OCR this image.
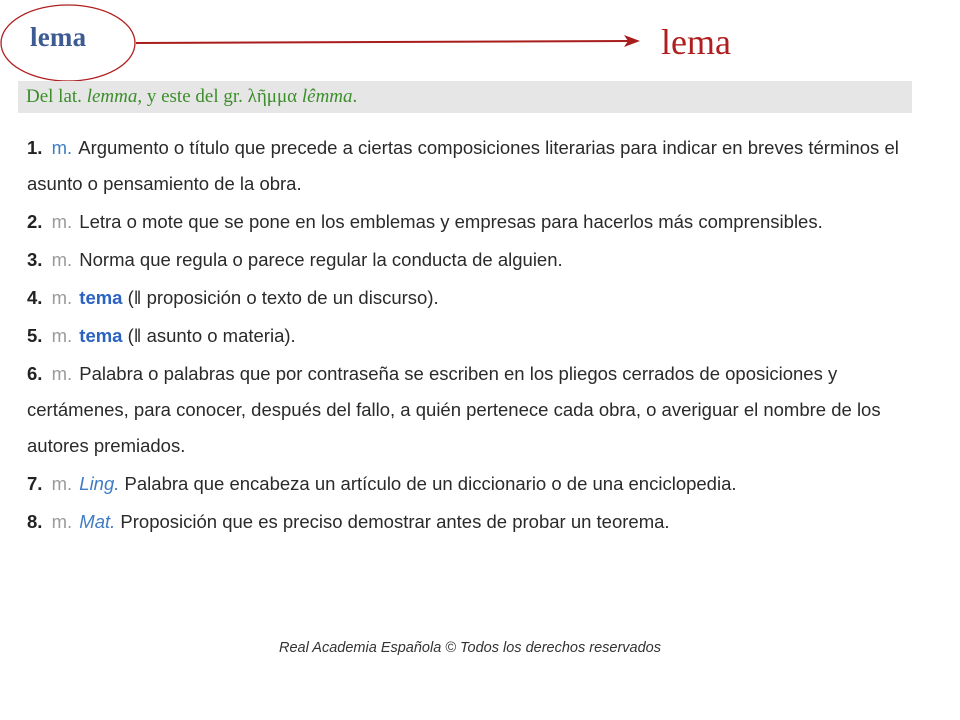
lema	lema
Del lat. lemma, y este del gr. λῆμμα lêmma.
1. m. Argumento o título que precede a ciertas composiciones literarias para indicar en breves términos el asunto o pensamiento de la obra.
2. m. Letra o mote que se pone en los emblemas y empresas para hacerlos más comprensibles.
3. m. Norma que regula o parece regular la conducta de alguien.
4. m. tema (‖ proposición o texto de un discurso).
5. m. tema (‖ asunto o materia).
6. m. Palabra o palabras que por contraseña se escriben en los pliegos cerrados de oposiciones y certámenes, para conocer, después del fallo, a quién pertenece cada obra, o averiguar el nombre de los autores premiados.
7. m. Ling. Palabra que encabeza un artículo de un diccionario o de una enciclopedia.
8. m. Mat. Proposición que es preciso demostrar antes de probar un teorema.
Real Academia Española © Todos los derechos reservados
